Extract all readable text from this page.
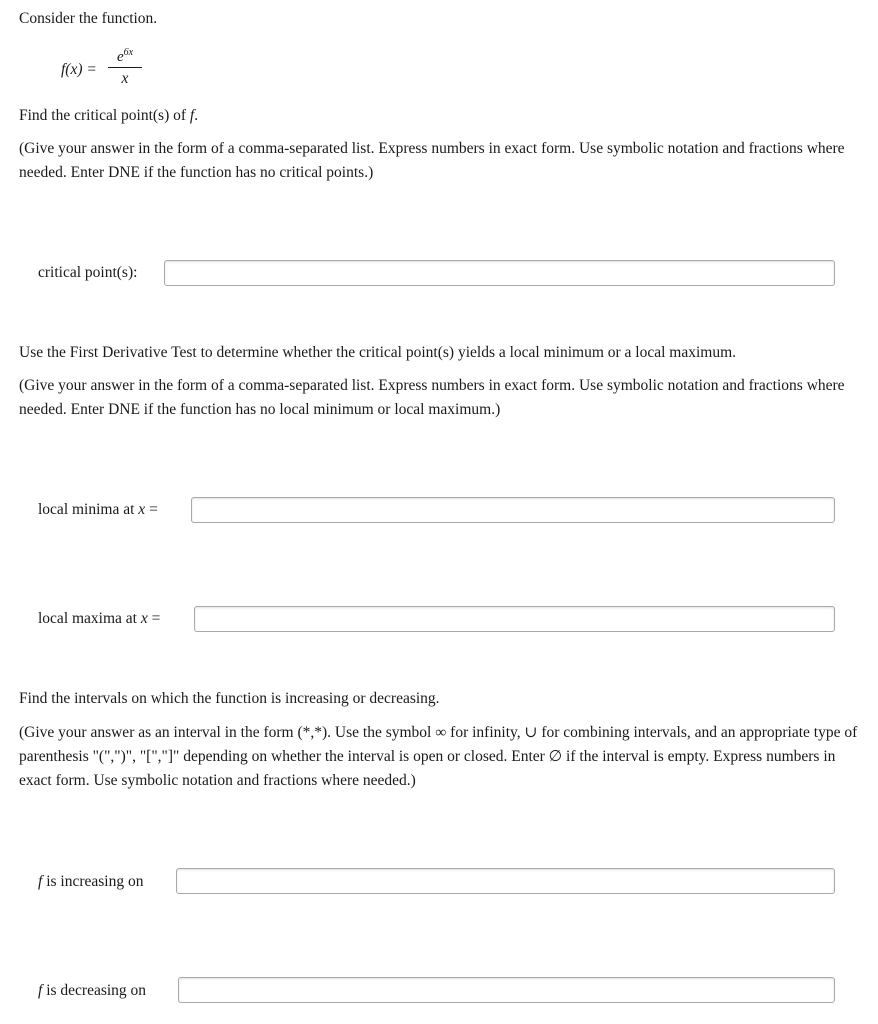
Consider the function.
f(x) =
$e^{6x}$
x
Find the critical point(s) of f.
(Give your answer in the form of a comma-separated list. Express numbers in exact form. Use symbolic notation and fractions where needed. Enter DNE if the function has no critical points.)
critical point(s):
Use the First Derivative Test to determine whether the critical point(s) yields a local minimum or a local maximum.
(Give your answer in the form of a comma-separated list. Express numbers in exact form. Use symbolic notation and fractions where needed. Enter DNE if the function has no local minimum or local maximum.)
local minima at x =
local maxima at x =
Find the intervals on which the function is increasing or decreasing.
(Give your answer as an interval in the form (*,*). Use the symbol ∞ for infinity, ∪ for combining intervals, and an appropriate type of parenthesis "(",")", "[","]" depending on whether the interval is open or closed. Enter ∅ if the interval is empty. Express numbers in exact form. Use symbolic notation and fractions where needed.)
f is increasing on
f is decreasing on
